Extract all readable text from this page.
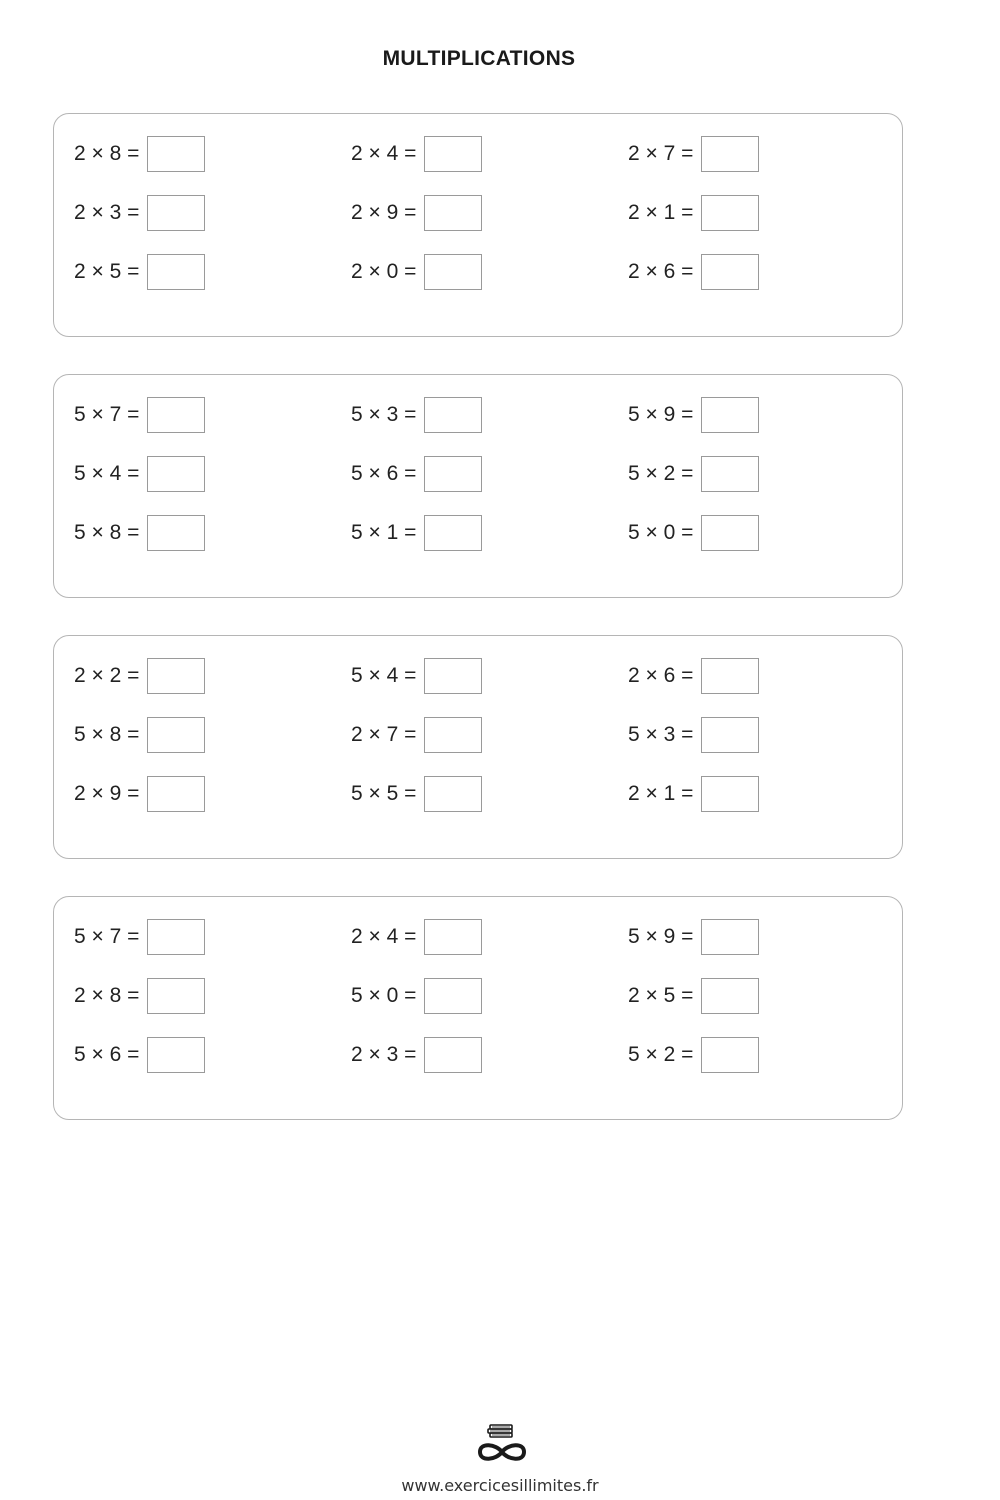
MULTIPLICATIONS
2 × 8 =	2 × 4 =	2 × 7 =
2 × 3 =	2 × 9 =	2 × 1 =
2 × 5 =	2 × 0 =	2 × 6 =
5 × 7 =	5 × 3 =	5 × 9 =
5 × 4 =	5 × 6 =	5 × 2 =
5 × 8 =	5 × 1 =	5 × 0 =
2 × 2 =	5 × 4 =	2 × 6 =
5 × 8 =	2 × 7 =	5 × 3 =
2 × 9 =	5 × 5 =	2 × 1 =
5 × 7 =	2 × 4 =	5 × 9 =
2 × 8 =	5 × 0 =	2 × 5 =
5 × 6 =	2 × 3 =	5 × 2 =
www.exercicesillimites.fr
